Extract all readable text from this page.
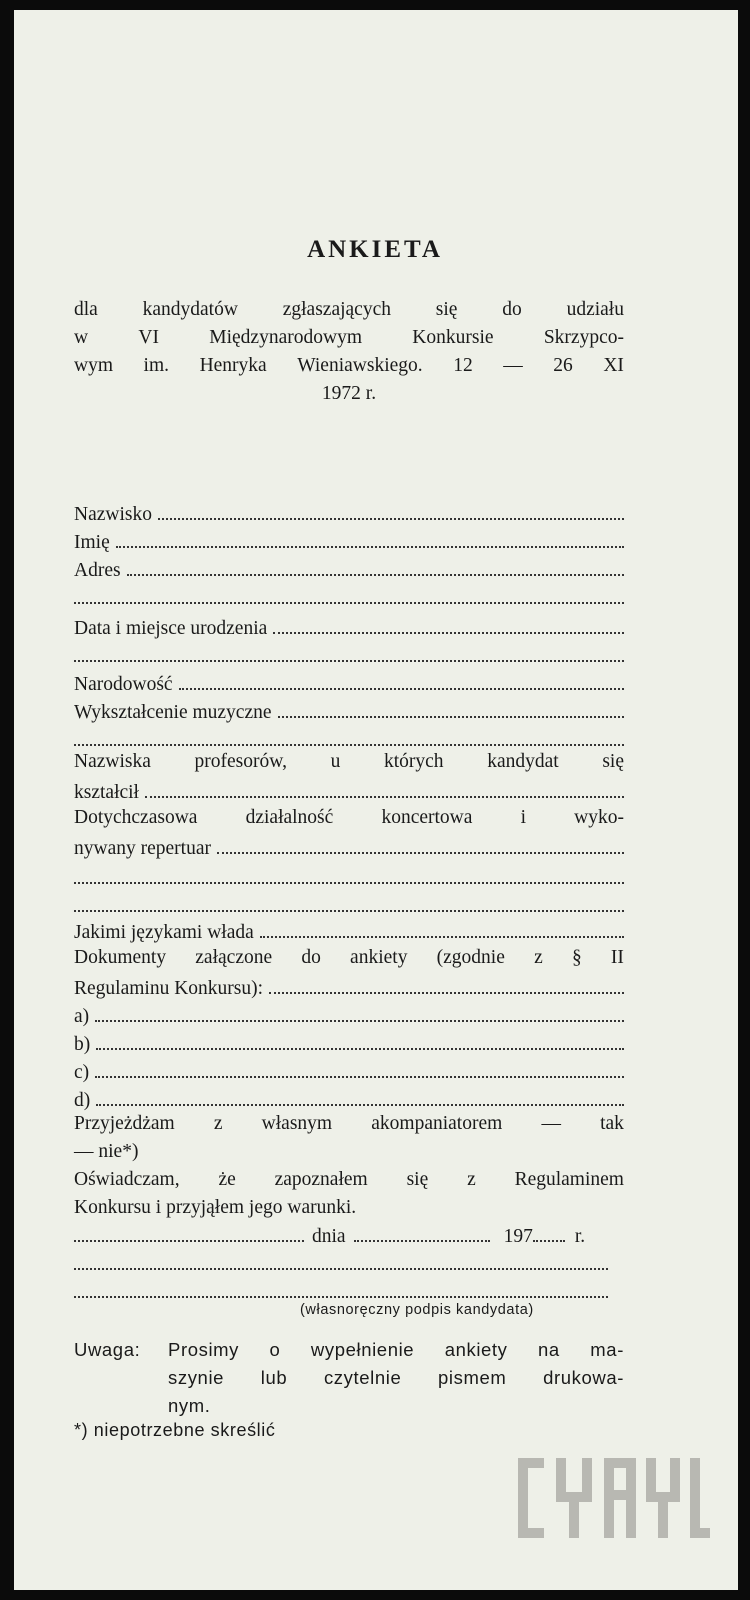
ANKIETA
dla kandydatów zgłaszających się do udziału
w	VI	Międzynarodowym	Konkursie	Skrzypco-
wym im. Henryka Wieniawskiego. 12 — 26 XI
1972 r.
Nazwisko
Imię
Adres
Data i miejsce urodzenia
Narodowość
Wykształcenie muzyczne
Nazwiska profesorów, u których kandydat się
kształcił
Dotychczasowa działalność koncertowa i wyko-
nywany repertuar
Jakimi językami włada
Dokumenty załączone do ankiety (zgodnie z § II
Regulaminu Konkursu):
a)
b)
c)
d)
Przyjeżdżam z własnym akompaniatorem — tak
— nie*)
Oświadczam, że zapoznałem się z Regulaminem
Konkursu i przyjąłem jego warunki.
dnia	197	r.
(własnoręczny podpis kandydata)
Uwaga:	Prosimy o wypełnienie ankiety na ma-
szynie lub czytelnie pismem drukowa-
nym.
*) niepotrzebne skreślić
